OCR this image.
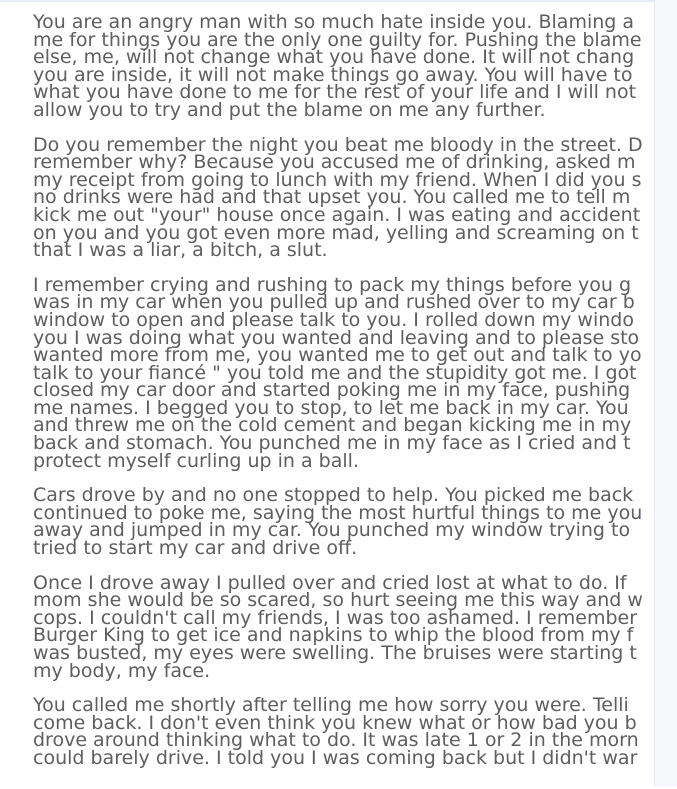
You are an angry man with so much hate inside you. Blaming a
me for things you are the only one guilty for. Pushing the blame
else, me, will not change what you have done. It will not chang
you are inside, it will not make things go away. You will have to
what you have done to me for the rest of your life and I will not
allow you to try and put the blame on me any further.

Do you remember the night you beat me bloody in the street. D
remember why? Because you accused me of drinking, asked m
my receipt from going to lunch with my friend. When I did you s
no drinks were had and that upset you. You called me to tell m
kick me out "your" house once again. I was eating and accident
on you and you got even more mad, yelling and screaming on t
that I was a liar, a bitch, a slut.

I remember crying and rushing to pack my things before you g
was in my car when you pulled up and rushed over to my car b
window to open and please talk to you. I rolled down my windo
you I was doing what you wanted and leaving and to please sto
wanted more from me, you wanted me to get out and talk to yo
talk to your fiancé " you told me and the stupidity got me. I got
closed my car door and started poking me in my face, pushing
me names. I begged you to stop, to let me back in my car. You
and threw me on the cold cement and began kicking me in my
back and stomach. You punched me in my face as I cried and t
protect myself curling up in a ball.

Cars drove by and no one stopped to help. You picked me back
continued to poke me, saying the most hurtful things to me you
away and jumped in my car. You punched my window trying to
tried to start my car and drive off.

Once I drove away I pulled over and cried lost at what to do. If
mom she would be so scared, so hurt seeing me this way and w
cops. I couldn't call my friends, I was too ashamed. I remember
Burger King to get ice and napkins to whip the blood from my f
was busted, my eyes were swelling. The bruises were starting t
my body, my face.

You called me shortly after telling me how sorry you were. Telli
come back. I don't even think you knew what or how bad you b
drove around thinking what to do. It was late 1 or 2 in the morn
could barely drive. I told you I was coming back but I didn't war
